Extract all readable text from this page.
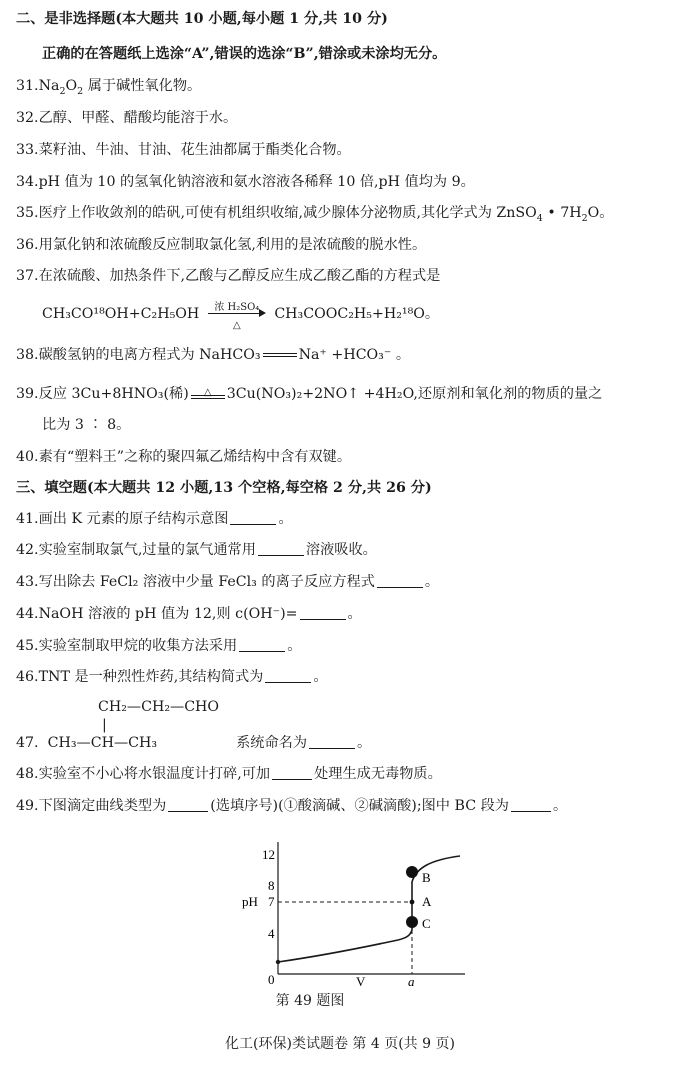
二、是非选择题(本大题共 10 小题,每小题 1 分,共 10 分)
正确的在答题纸上选涂“A”,错误的选涂“B”,错涂或未涂均无分。
$31.Na_2O_2$ 属于碱性氧化物。
32.乙醇、甲醛、醋酸均能溶于水。
33.菜籽油、牛油、甘油、花生油都属于酯类化合物。
34.pH 值为 10 的氢氧化钠溶液和氨水溶液各稀释 10 倍,pH 值均为 9。
35.医疗上作收敛剂的皓矾,可使有机组织收缩,减少腺体分泌物质,其化学式为 ZnSO$_4$ • $7H_2O$。
36.用氯化钠和浓硫酸反应制取氯化氢,利用的是浓硫酸的脱水性。
37.在浓硫酸、加热条件下,乙酸与乙醇反应生成乙酸乙酯的方程式是
CH₃CO¹⁸OH+C₂H₅OH	浓 H₂SO₄
△
CH₃COOC₂H₅+H₂¹⁸O。
38.碳酸氢钠的电离方程式为 NaHCO₃	Na⁺ +HCO₃⁻ 。
39.反应 3Cu+8HNO₃(稀)	△	3Cu(NO₃)₂+2NO↑ +4H₂O,还原剂和氧化剂的物质的量之
比为 3 ∶ 8。
40.素有“塑料王”之称的聚四氟乙烯结构中含有双键。
三、填空题(本大题共 12 小题,13 个空格,每空格 2 分,共 26 分)
41.画出 K 元素的原子结构示意图	。
42.实验室制取氯气,过量的氯气通常用	溶液吸收。
43.写出除去 FeCl₂ 溶液中少量 FeCl₃ 的离子反应方程式	。
44.NaOH 溶液的 pH 值为 12,则 c(OH⁻)=	。
45.实验室制取甲烷的收集方法采用	。
46.TNT 是一种烈性炸药,其结构简式为	。
CH₂—CH₂—CHO
|
47. CH₃—CH—CH₃	系统命名为	。
48.实验室不小心将水银温度计打碎,可加	处理生成无毒物质。
49.下图滴定曲线类型为	(选填序号)(①酸滴碱、②碱滴酸);图中 BC 段为	。
12
8
7
4
pH
0	V	a
B
A
C
第 49 题图
化工(环保)类试题卷 第 4 页(共 9 页)
